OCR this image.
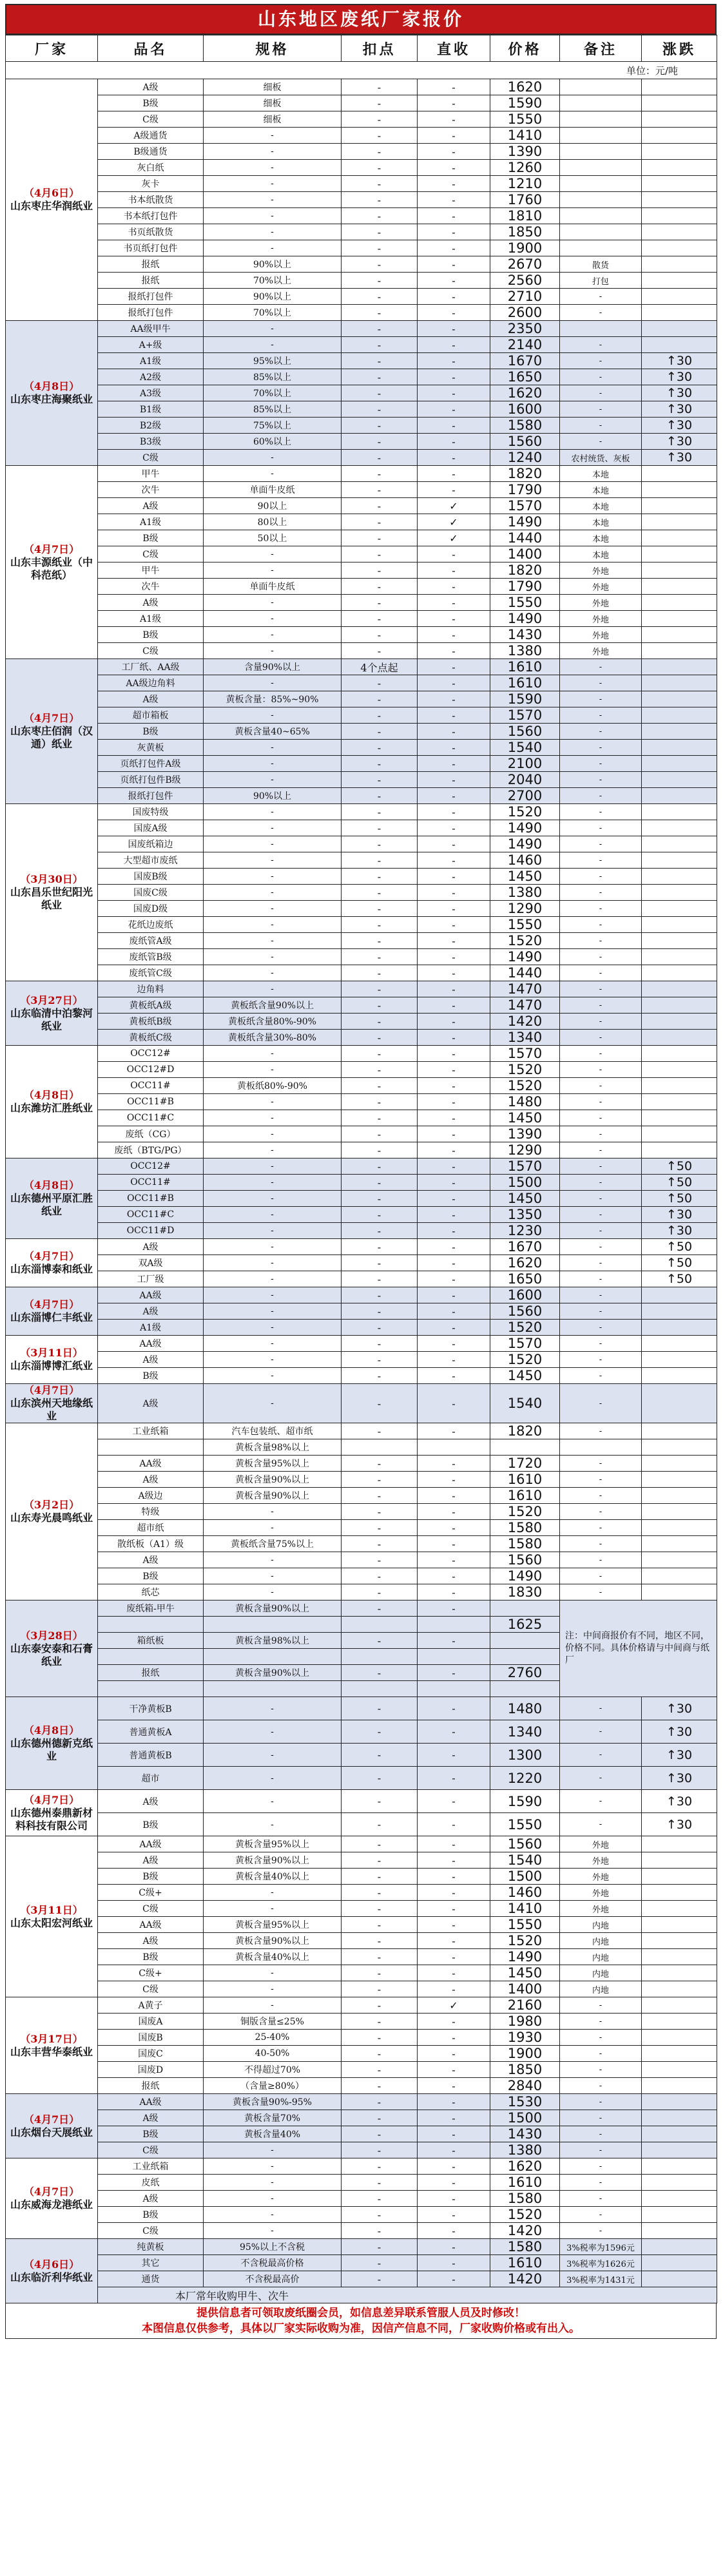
山东地区废纸厂家报价
厂家	品名	规格	扣点	直收	价格	备注	涨跌
单位：元/吨							

（4月6日）
山东枣庄华润纸业	A级	细板	-	-	1620		
	B级	细板	-	-	1590		
	C级	细板	-	-	1550		
	A级通货	-	-	-	1410		
	B级通货	-	-	-	1390		
	灰白纸	-	-	-	1260		
	灰卡	-	-	-	1210		
	书本纸散货	-	-	-	1760		
	书本纸打包件	-	-	-	1810		
	书页纸散货	-	-	-	1850		
	书页纸打包件	-	-	-	1900		
	报纸	90%以上	-	-	2670	散货	
	报纸	70%以上	-	-	2560	打包	
	报纸打包件	90%以上	-	-	2710	-	
	报纸打包件	70%以上	-	-	2600	-	

（4月8日）
山东枣庄海聚纸业	AA级甲牛	-	-	-	2350		
	A+级	-	-	-	2140	-	
	A1级	95%以上	-	-	1670	-	↑30
	A2级	85%以上	-	-	1650	-	↑30
	A3级	70%以上	-	-	1620	-	↑30
	B1级	85%以上	-	-	1600	-	↑30
	B2级	75%以上	-	-	1580	-	↑30
	B3级	60%以上	-	-	1560	-	↑30
	C级	-	-	-	1240	农村统货、灰板	↑30

（4月7日）
山东丰源纸业（中科范纸）	甲牛	-	-	-	1820	本地	
	次牛	单面牛皮纸	-	-	1790	本地	
	A级	90以上	-	✓	1570	本地	
	A1级	80以上	-	✓	1490	本地	
	B级	50以上	-	✓	1440	本地	
	C级	-	-	-	1400	本地	
	甲牛	-	-	-	1820	外地	
	次牛	单面牛皮纸	-	-	1790	外地	
	A级	-	-	-	1550	外地	
	A1级	-	-	-	1490	外地	
	B级	-	-	-	1430	外地	
	C级	-	-	-	1380	外地	

（4月7日）
山东枣庄佰润（汉通）纸业	工厂纸、AA级	含量90%以上	4个点起	-	1610	-	
	AA级边角料	-	-	-	1610	-	
	A级	黄板含量：85%~90%	-	-	1590	-	
	超市箱板	-	-	-	1570	-	
	B级	黄板含量40~65%	-	-	1560	-	
	灰黄板	-	-	-	1540	-	
	页纸打包件A级	-	-	-	2100	-	
	页纸打包件B级	-	-	-	2040	-	
	报纸打包件	90%以上	-	-	2700	-	

（3月30日）
山东昌乐世纪阳光纸业	国废特级	-	-	-	1520	-	
	国废A级	-	-	-	1490	-	
	国废纸箱边	-	-	-	1490	-	
	大型超市废纸	-	-	-	1460	-	
	国废B级	-	-	-	1450	-	
	国废C级	-	-	-	1380	-	
	国废D级	-	-	-	1290	-	
	花纸边废纸	-	-	-	1550	-	
	废纸管A级	-	-	-	1520	-	
	废纸管B级	-	-	-	1490	-	
	废纸管C级	-	-	-	1440	-	

（3月27日）
山东临清中泊黎河纸业	边角料	-	-	-	1470	-	
	黄板纸A级	黄板纸含量90%以上	-	-	1470	-	
	黄板纸B级	黄板纸含量80%-90%	-	-	1420	-	
	黄板纸C级	黄板纸含量30%-80%	-	-	1340	-	

（4月8日）
山东潍坊汇胜纸业	OCC12#	-	-	-	1570	-	
	OCC12#D	-	-	-	1520	-	
	OCC11#	黄板纸80%-90%	-	-	1520	-	
	OCC11#B	-	-	-	1480	-	
	OCC11#C	-	-	-	1450	-	
	废纸（CG）	-	-	-	1390	-	
	废纸（BTG/PG）	-	-	-	1290	-	

（4月8日）
山东德州平原汇胜纸业	OCC12#	-	-	-	1570	-	↑50
	OCC11#	-	-	-	1500	-	↑50
	OCC11#B	-	-	-	1450	-	↑50
	OCC11#C	-	-	-	1350	-	↑30
	OCC11#D	-	-	-	1230	-	↑30

（4月7日）
山东淄博泰和纸业	A级	-	-	-	1670	-	↑50
	双A级	-	-	-	1620	-	↑50
	工厂级	-	-	-	1650	-	↑50

（4月7日）
山东淄博仁丰纸业	AA级	-	-	-	1600	-	
	A级	-	-	-	1560	-	
	A1级	-	-	-	1520	-	

（3月11日）
山东淄博博汇纸业	AA级	-	-	-	1570	-	
	A级	-	-	-	1520	-	
	B级	-	-	-	1450	-	

（4月7日）
山东滨州天地缘纸业	A级	-	-	-	1540	-	

（3月2日）
山东寿光晨鸣纸业	工业纸箱	汽车包装纸、超市纸	-	-	1820	-	
		黄板含量98%以上					
	AA级	黄板含量95%以上	-	-	1720	-	
	A级	黄板含量90%以上	-	-	1610	-	
	A级边	黄板含量90%以上	-	-	1610	-	
	特级	-	-	-	1520	-	
	超市纸	-	-	-	1580	-	
	散纸板（A1）级	黄板纸含量75%以上	-	-	1580	-	
	A级	-	-	-	1560	-	
	B级	-	-	-	1490	-	
	纸芯	-	-	-	1830	-	

（3月28日）
山东泰安泰和石膏纸业	废纸箱-甲牛	黄板含量90%以上	-	-		注：中间商报价有不同，地区不同，价格不同。具体价格请与中间商与纸厂	
					1625		
	箱纸板	黄板含量98%以上	-	-			

	报纸	黄板含量90%以上	-	-	2760		

（4月8日）
山东德州德新克纸业	干净黄板B	-	-	-	1480	-	↑30
	普通黄板A	-	-	-	1340	-	↑30
	普通黄板B	-	-	-	1300	-	↑30
	超市	-	-	-	1220	-	↑30

（4月7日）
山东德州泰鼎新材料科技有限公司	A级	-	-	-	1590	-	↑30
	B级	-	-	-	1550	-	↑30

（3月11日）
山东太阳宏河纸业	AA级	黄板含量95%以上	-	-	1560	外地	
	A级	黄板含量90%以上	-	-	1540	外地	
	B级	黄板含量40%以上	-	-	1500	外地	
	C级+	-	-	-	1460	外地	
	C级	-	-	-	1410	外地	
	AA级	黄板含量95%以上	-	-	1550	内地	
	A级	黄板含量90%以上	-	-	1520	内地	
	B级	黄板含量40%以上	-	-	1490	内地	
	C级+	-	-	-	1450	内地	
	C级	-	-	-	1400	内地	

（3月17日）
山东丰营华泰纸业	A黄子	-	-	✓	2160	-	
	国废A	铜版含量≤25%	-	-	1980	-	
	国废B	25-40%	-	-	1930	-	
	国废C	40-50%	-	-	1900	-	
	国废D	不得超过70%	-	-	1850	-	
	报纸	（含量≥80%）	-	-	2840	-	

（4月7日）
山东烟台天展纸业	AA级	黄板含量90%-95%	-	-	1530	-	
	A级	黄板含量70%	-	-	1500	-	
	B级	黄板含量40%	-	-	1430	-	
	C级	-	-	-	1380	-	

（4月7日）
山东威海龙港纸业	工业纸箱	-	-	-	1620	-	
	皮纸	-	-	-	1610	-	
	A级	-	-	-	1580	-	
	B级	-	-	-	1520	-	
	C级	-	-	-	1420	-	

（4月6日）
山东临沂利华纸业	纯黄板	95%以上不含税	-	-	1580	3%税率为1596元	
	其它	不含税最高价格	-	-	1610	3%税率为1626元	
	通货	不含税最高价	-	-	1420	3%税率为1431元	
	本厂常年收购甲牛、次牛						
提供信息者可领取废纸圈会员，如信息差异联系管服人员及时修改！
本图信息仅供参考，具体以厂家实际收购为准，因信产信息不同，厂家收购价格或有出入。
